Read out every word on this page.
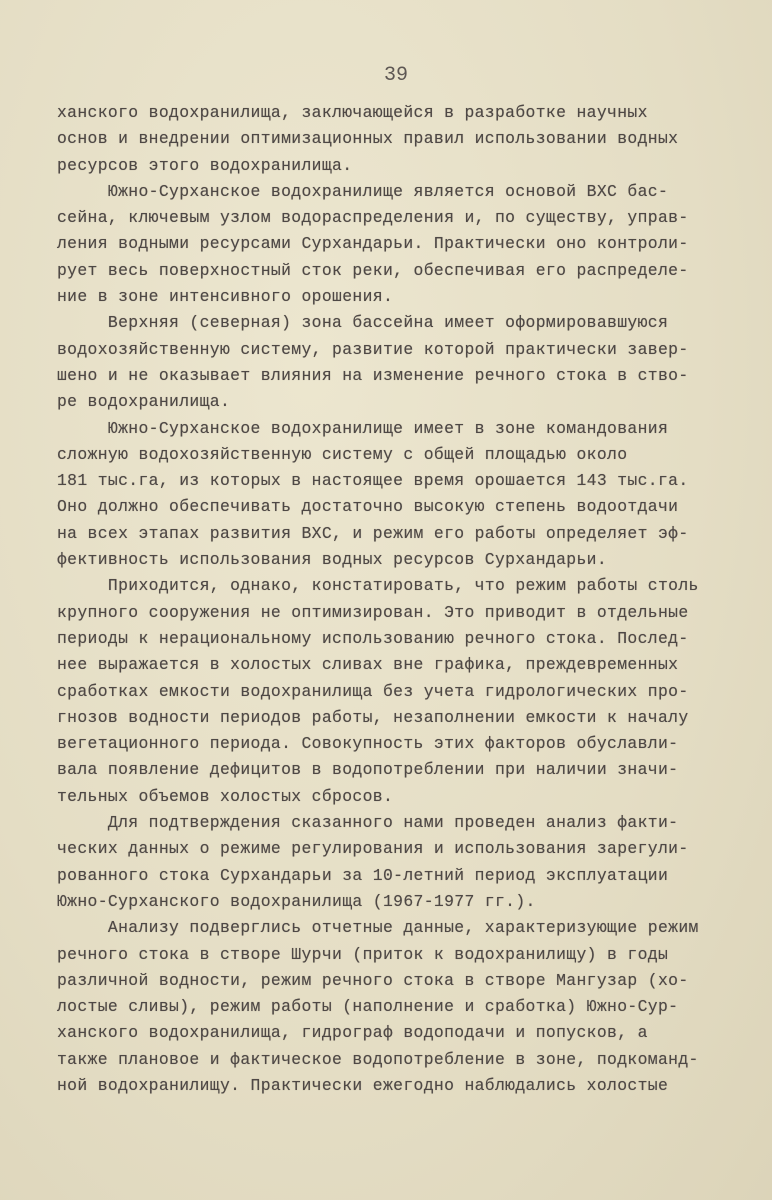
39
ханского водохранилища, заключающейся в разработке научных
основ и внедрении оптимизационных правил использовании водных
ресурсов этого водохранилища.
Южно-Сурханское водохранилище является основой ВХС бас-
сейна, ключевым узлом водораспределения и, по существу, управ-
ления водными ресурсами Сурхандарьи. Практически оно контроли-
рует весь поверхностный сток реки, обеспечивая его распределе-
ние в зоне интенсивного орошения.
Верхняя (северная) зона бассейна имеет оформировавшуюся
водохозяйственную систему, развитие которой практически завер-
шено и не оказывает влияния на изменение речного стока в ство-
ре водохранилища.
Южно-Сурханское водохранилище имеет в зоне командования
сложную водохозяйственную систему с общей площадью около
181 тыс.га, из которых в настоящее время орошается 143 тыс.га.
Оно должно обеспечивать достаточно высокую степень водоотдачи
на всех этапах развития ВХС, и режим его работы определяет эф-
фективность использования водных ресурсов Сурхандарьи.
Приходится, однако, констатировать, что режим работы столь
крупного сооружения не оптимизирован. Это приводит в отдельные
периоды к нерациональному использованию речного стока. Послед-
нее выражается в холостых сливах вне графика, преждевременных
сработках емкости водохранилища без учета гидрологических про-
гнозов водности периодов работы, незаполнении емкости к началу
вегетационного периода. Совокупность этих факторов обуславли-
вала появление дефицитов в водопотреблении при наличии значи-
тельных объемов холостых сбросов.
Для подтверждения сказанного нами проведен анализ факти-
ческих данных о режиме регулирования и использования зарегули-
рованного стока Сурхандарьи за 10-летний период эксплуатации
Южно-Сурханского водохранилища (1967-1977 гг.).
Анализу подверглись отчетные данные, характеризующие режим
речного стока в створе Шурчи (приток к водохранилищу) в годы
различной водности, режим речного стока в створе Мангузар (хо-
лостые сливы), режим работы (наполнение и сработка) Южно-Сур-
ханского водохранилища, гидрограф водоподачи и попусков, а
также плановое и фактическое водопотребление в зоне, подкоманд-
ной водохранилищу. Практически ежегодно наблюдались холостые
